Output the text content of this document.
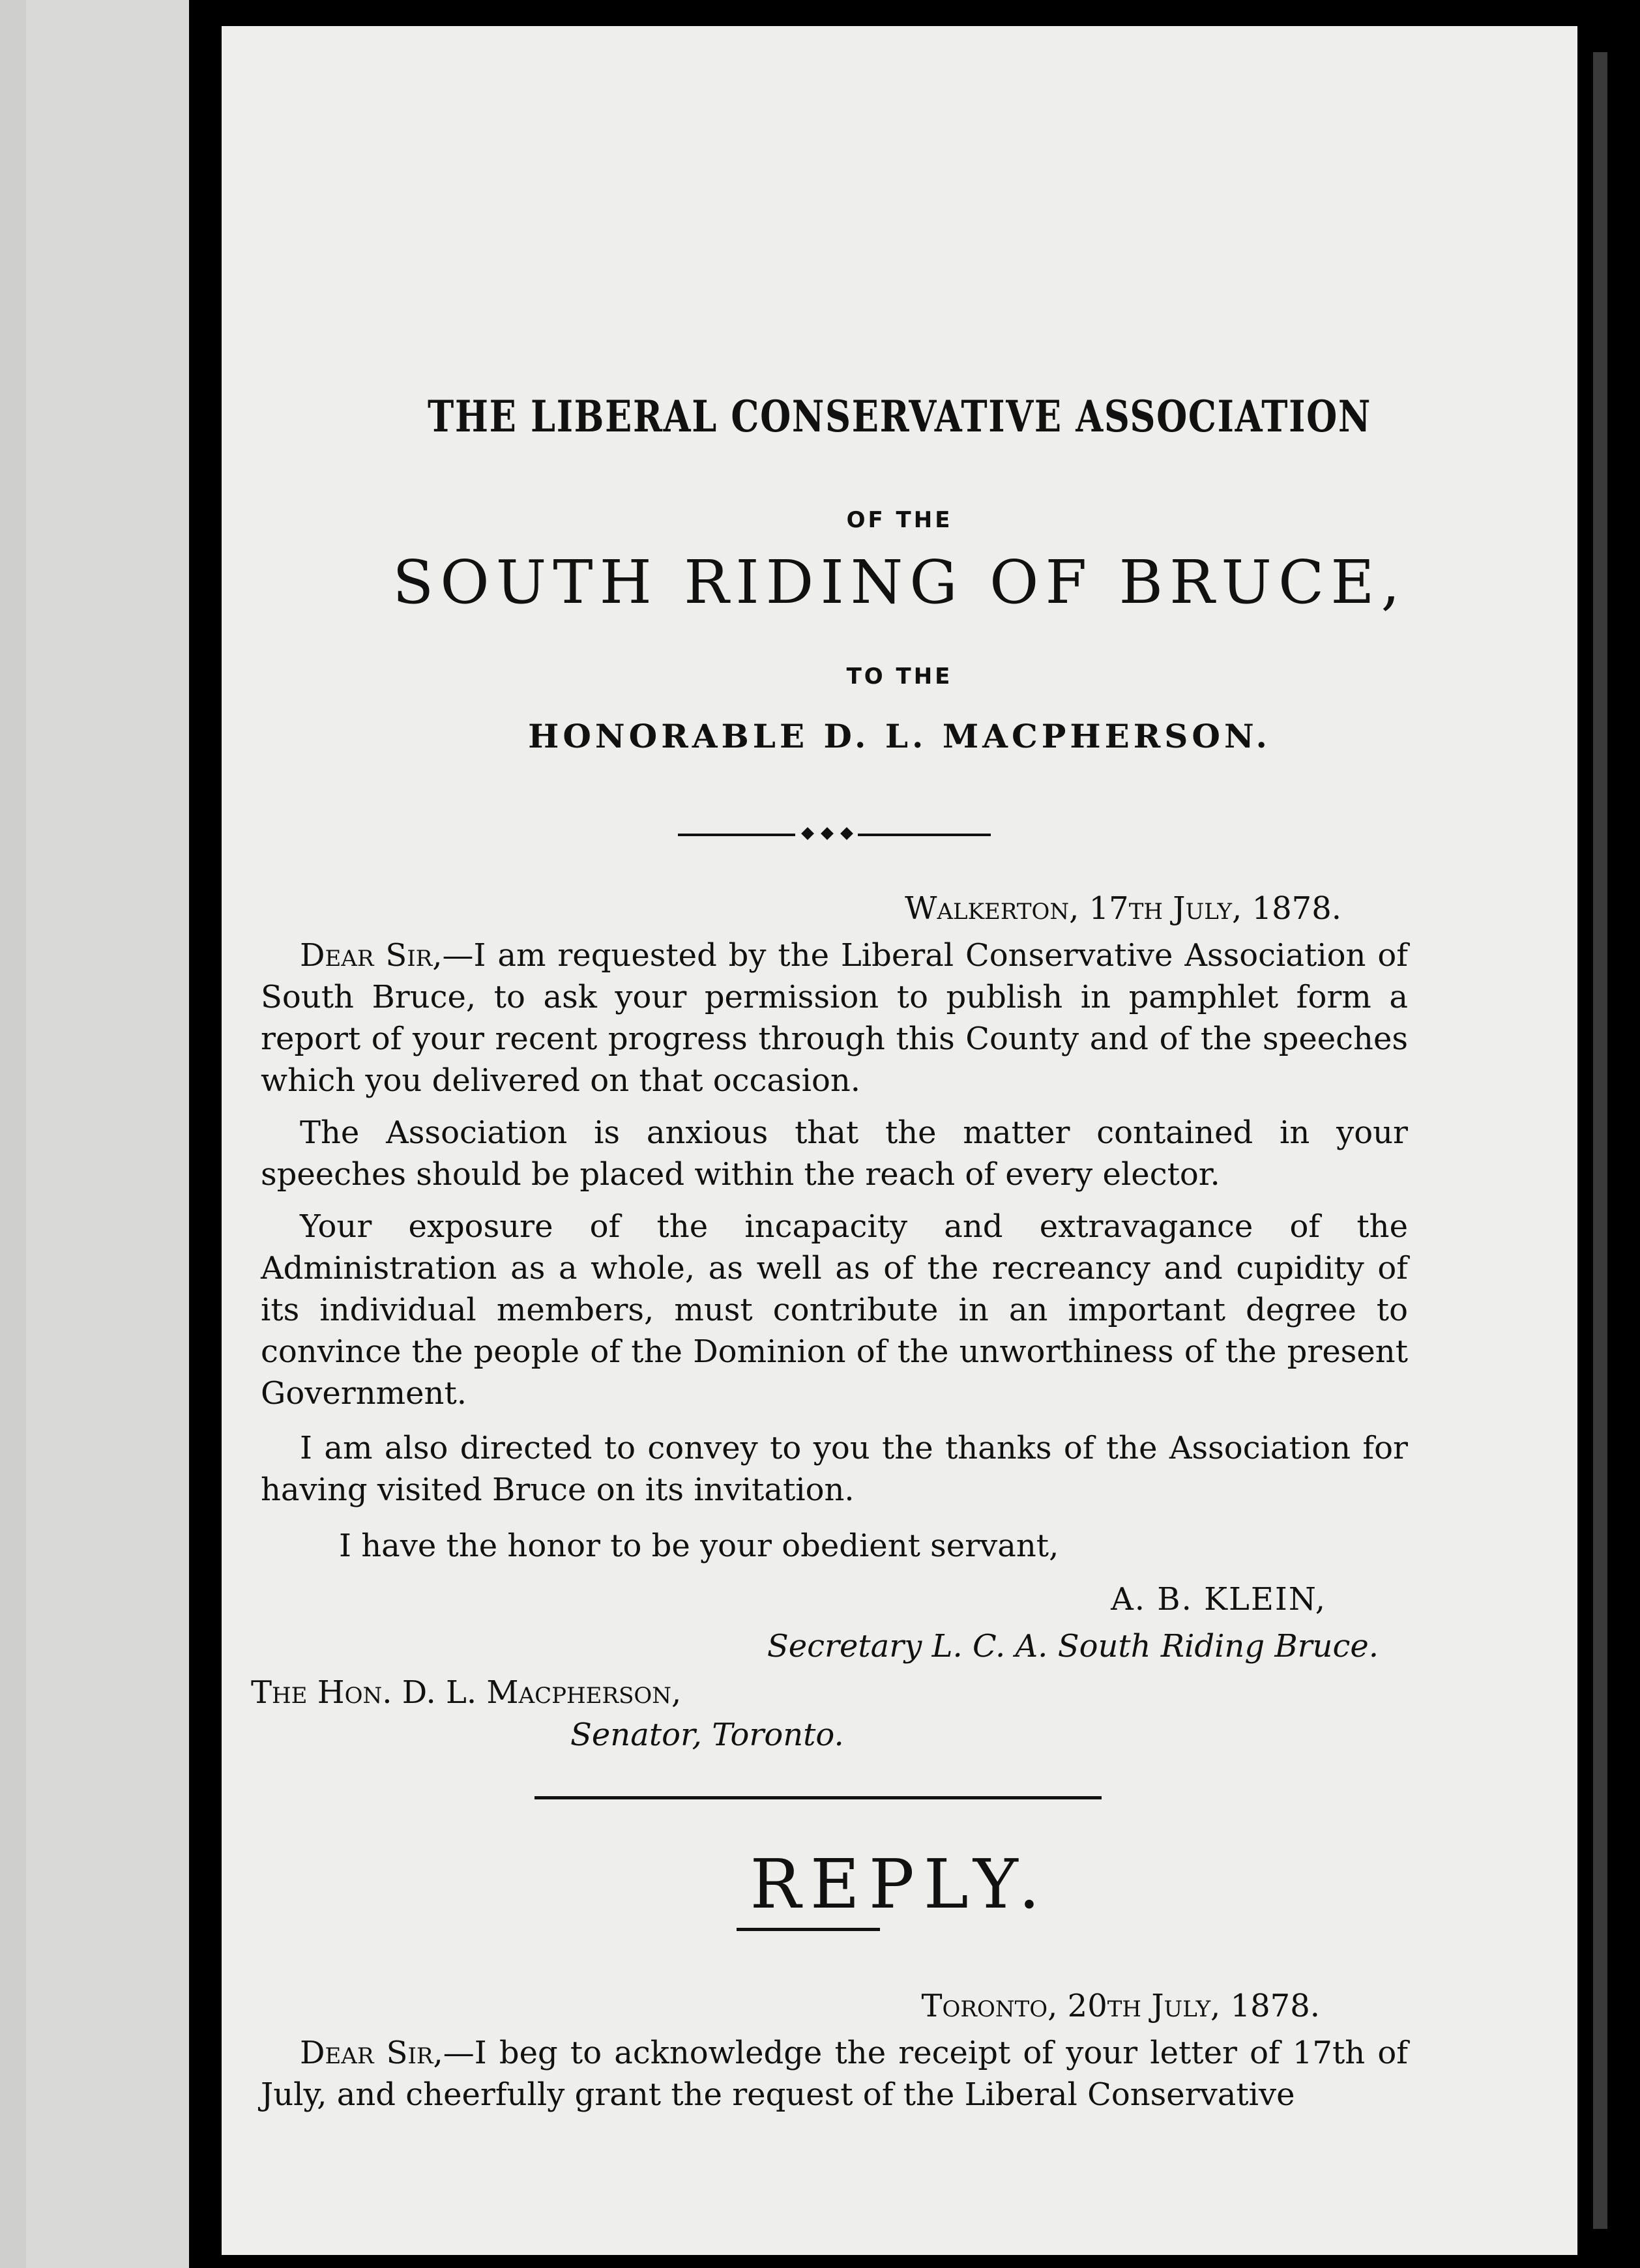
THE LIBERAL CONSERVATIVE ASSOCIATION
OF THE
SOUTH RIDING OF BRUCE,
TO THE
HONORABLE D. L. MACPHERSON.
Walkerton, 17th July, 1878.
Dear Sir,—I am requested by the Liberal Conservative Association of South Bruce, to ask your permission to publish in pamphlet form a report of your recent progress through this County and of the speeches which you delivered on that occasion.
The Association is anxious that the matter contained in your speeches should be placed within the reach of every elector.
Your exposure of the incapacity and extravagance of the Administration as a whole, as well as of the recreancy and cupidity of its individual members, must contribute in an important degree to convince the people of the Dominion of the unworthiness of the present Government.
I am also directed to convey to you the thanks of the Association for having visited Bruce on its invitation.
I have the honor to be your obedient servant,
A. B. KLEIN,
Secretary L. C. A. South Riding Bruce.
The Hon. D. L. Macpherson,
Senator, Toronto.
REPLY.
Toronto, 20th July, 1878.
Dear Sir,—I beg to acknowledge the receipt of your letter of 17th of July, and cheerfully grant the request of the Liberal Conservative
